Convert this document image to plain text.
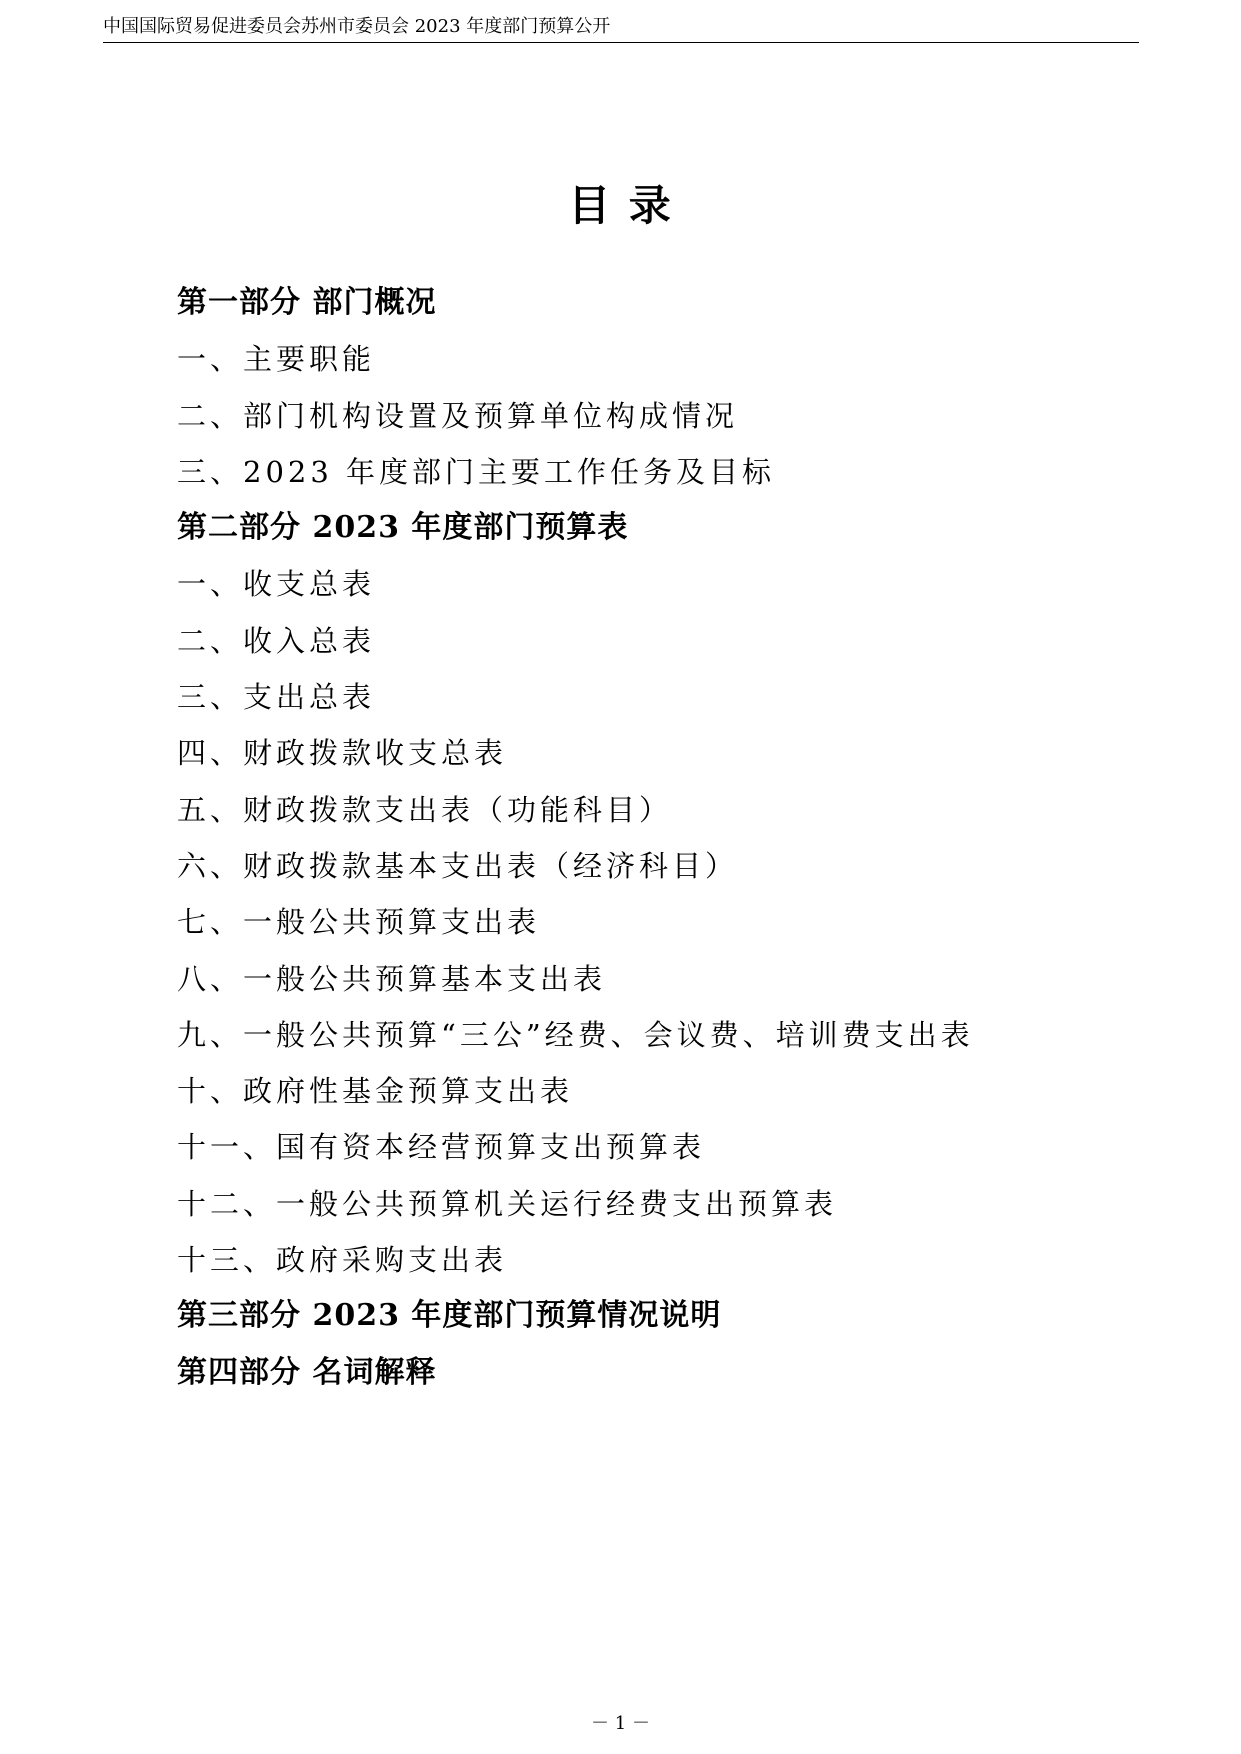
中国国际贸易促进委员会苏州市委员会 2023 年度部门预算公开
目 录
第一部分 部门概况
一、主要职能
二、部门机构设置及预算单位构成情况
三、2023 年度部门主要工作任务及目标
第二部分 2023 年度部门预算表
一、收支总表
二、收入总表
三、支出总表
四、财政拨款收支总表
五、财政拨款支出表（功能科目）
六、财政拨款基本支出表（经济科目）
七、一般公共预算支出表
八、一般公共预算基本支出表
九、一般公共预算“三公”经费、会议费、培训费支出表
十、政府性基金预算支出表
十一、国有资本经营预算支出预算表
十二、一般公共预算机关运行经费支出预算表
十三、政府采购支出表
第三部分 2023 年度部门预算情况说明
第四部分 名词解释
－ 1 －
